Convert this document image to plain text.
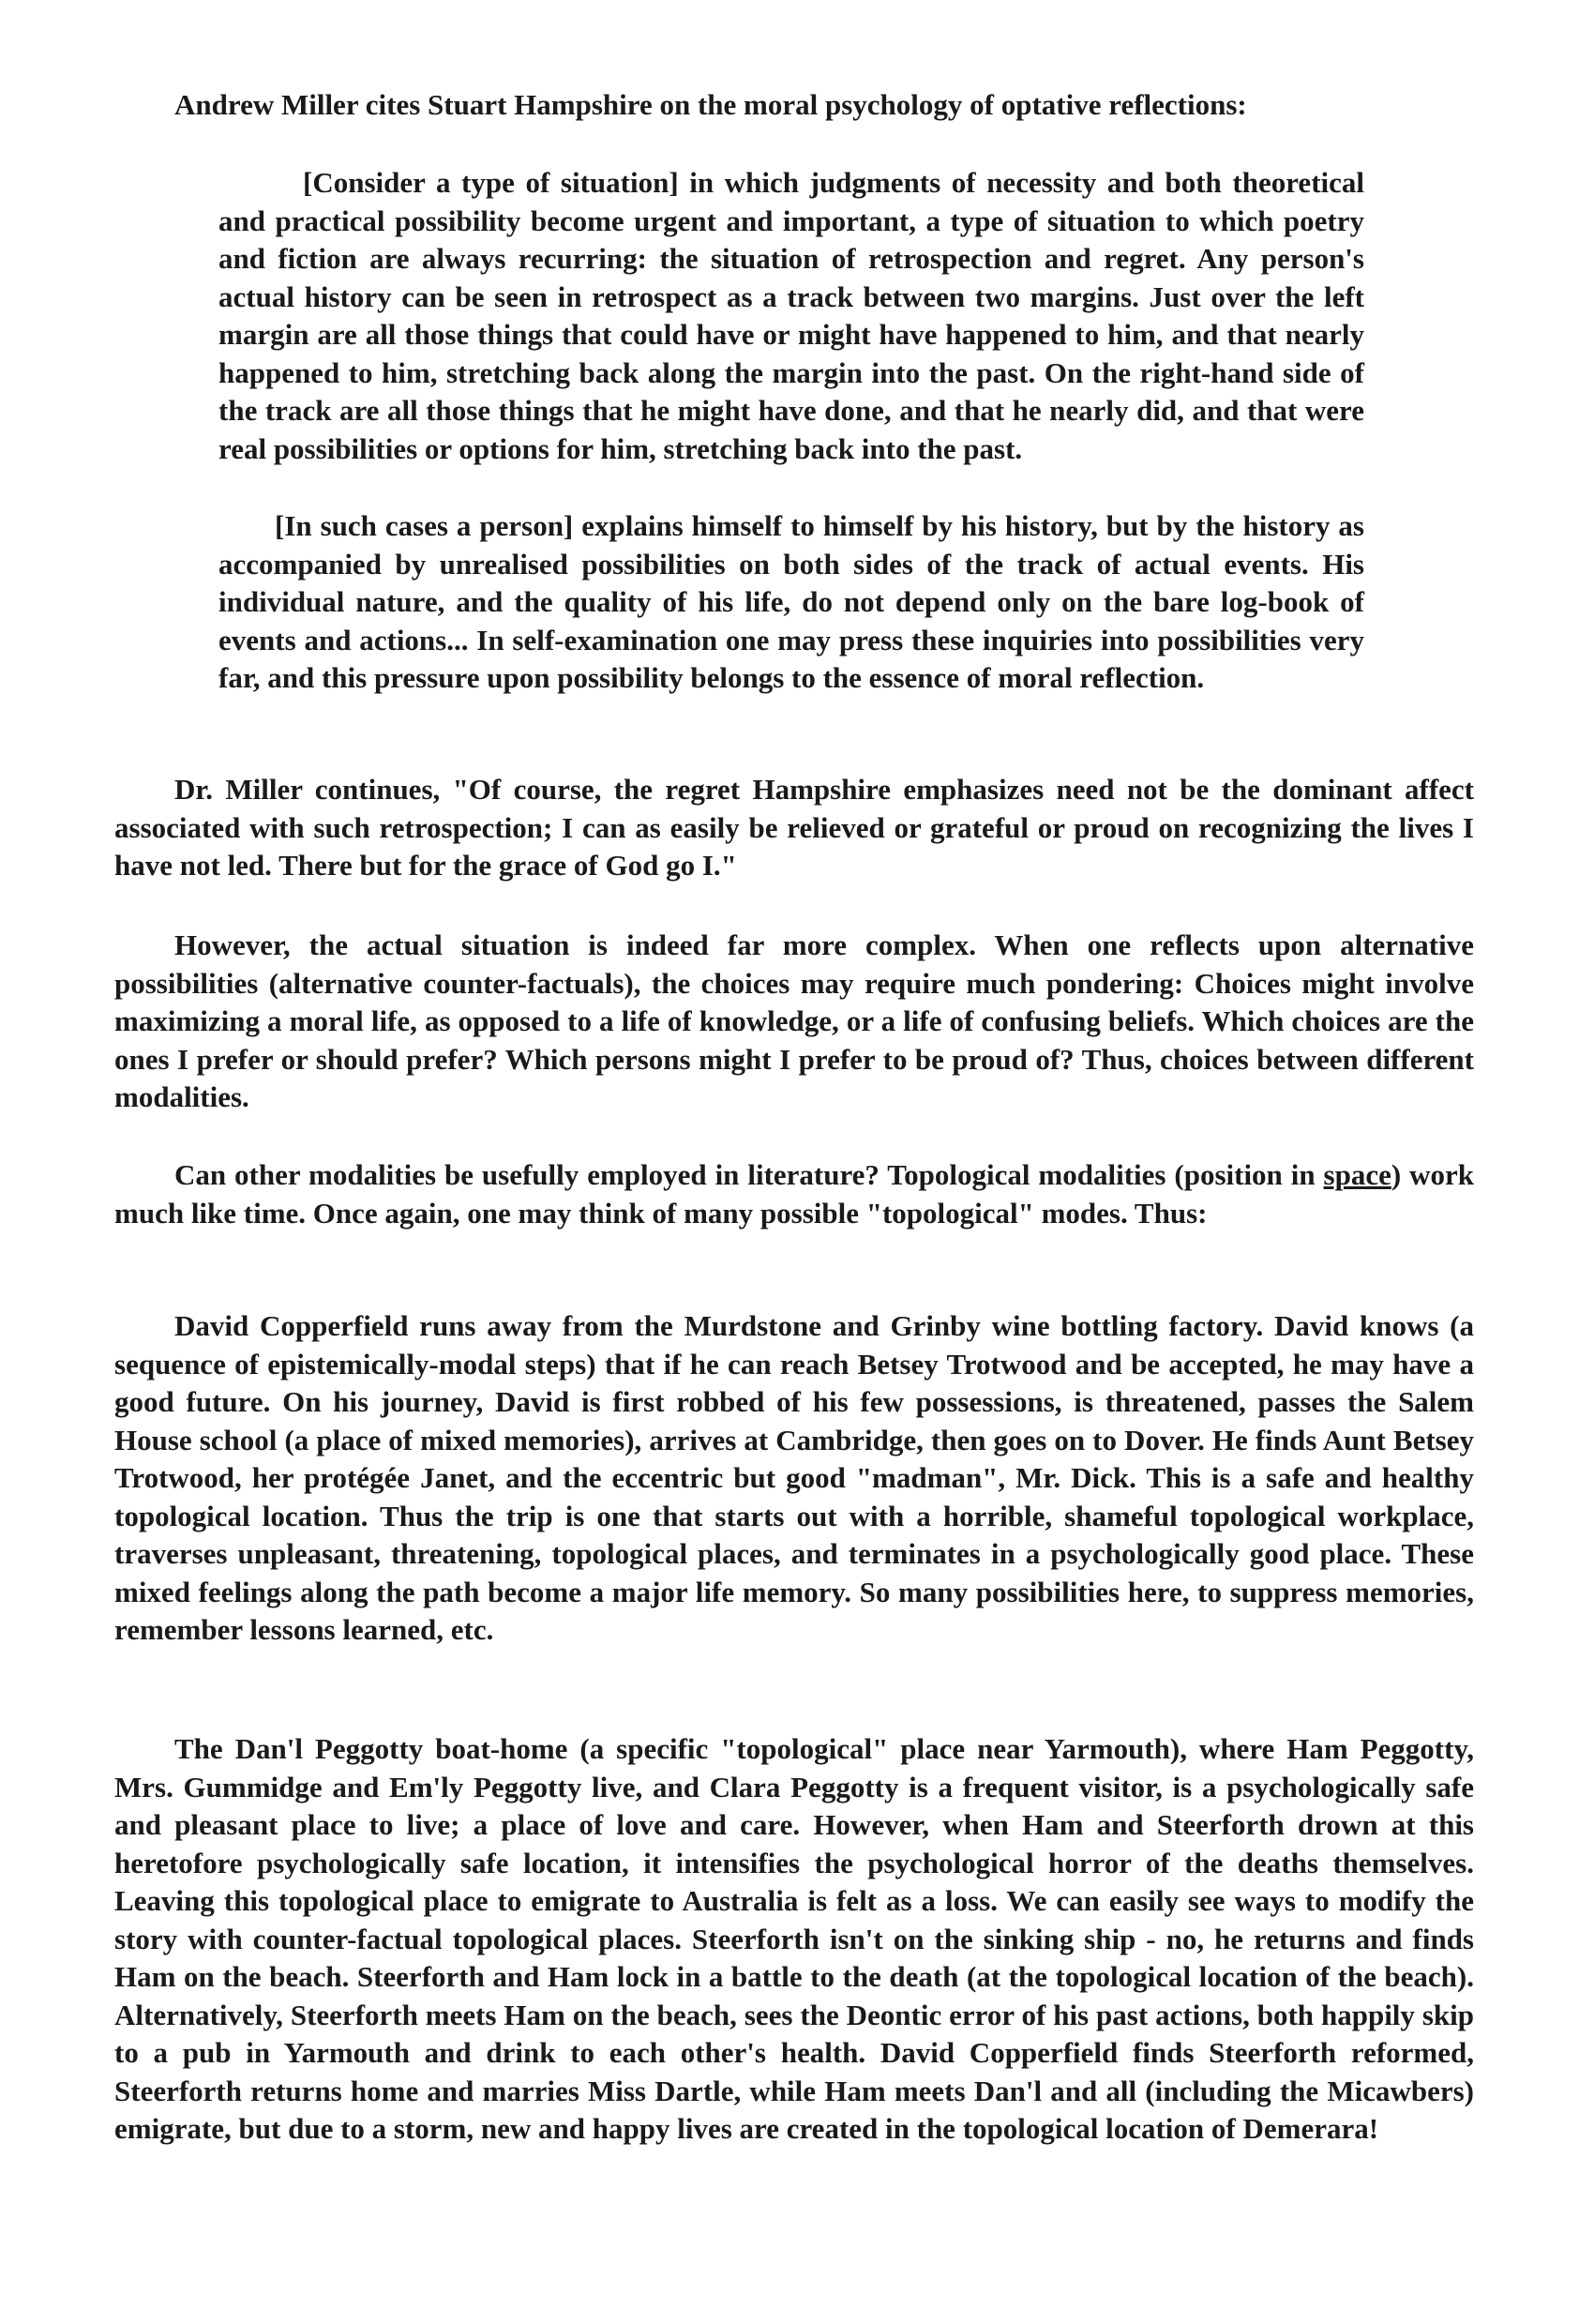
Andrew Miller cites Stuart Hampshire on the moral psychology of optative reflections:

[Consider a type of situation] in which judgments of necessity and both theoretical and practical possibility become urgent and important, a type of situation to which poetry and fiction are always recurring: the situation of retrospection and regret. Any person's actual history can be seen in retrospect as a track between two margins. Just over the left margin are all those things that could have or might have happened to him, and that nearly happened to him, stretching back along the margin into the past. On the right-hand side of the track are all those things that he might have done, and that he nearly did, and that were real possibilities or options for him, stretching back into the past.

[In such cases a person] explains himself to himself by his history, but by the history as accompanied by unrealised possibilities on both sides of the track of actual events. His individual nature, and the quality of his life, do not depend only on the bare log-book of events and actions... In self-examination one may press these inquiries into possibilities very far, and this pressure upon possibility belongs to the essence of moral reflection.

Dr. Miller continues, "Of course, the regret Hampshire emphasizes need not be the dominant affect associated with such retrospection; I can as easily be relieved or grateful or proud on recognizing the lives I have not led. There but for the grace of God go I."

However, the actual situation is indeed far more complex. When one reflects upon alternative possibilities (alternative counter-factuals), the choices may require much pondering: Choices might involve maximizing a moral life, as opposed to a life of knowledge, or a life of confusing beliefs. Which choices are the ones I prefer or should prefer? Which persons might I prefer to be proud of? Thus, choices between different modalities.

Can other modalities be usefully employed in literature? Topological modalities (position in space) work much like time. Once again, one may think of many possible "topological" modes. Thus:

David Copperfield runs away from the Murdstone and Grinby wine bottling factory. David knows (a sequence of epistemically-modal steps) that if he can reach Betsey Trotwood and be accepted, he may have a good future. On his journey, David is first robbed of his few possessions, is threatened, passes the Salem House school (a place of mixed memories), arrives at Cambridge, then goes on to Dover. He finds Aunt Betsey Trotwood, her protégée Janet, and the eccentric but good "madman", Mr. Dick. This is a safe and healthy topological location. Thus the trip is one that starts out with a horrible, shameful topological workplace, traverses unpleasant, threatening, topological places, and terminates in a psychologically good place. These mixed feelings along the path become a major life memory. So many possibilities here, to suppress memories, remember lessons learned, etc.

The Dan'l Peggotty boat-home (a specific "topological" place near Yarmouth), where Ham Peggotty, Mrs. Gummidge and Em'ly Peggotty live, and Clara Peggotty is a frequent visitor, is a psychologically safe and pleasant place to live; a place of love and care. However, when Ham and Steerforth drown at this heretofore psychologically safe location, it intensifies the psychological horror of the deaths themselves. Leaving this topological place to emigrate to Australia is felt as a loss. We can easily see ways to modify the story with counter-factual topological places. Steerforth isn't on the sinking ship - no, he returns and finds Ham on the beach. Steerforth and Ham lock in a battle to the death (at the topological location of the beach). Alternatively, Steerforth meets Ham on the beach, sees the Deontic error of his past actions, both happily skip to a pub in Yarmouth and drink to each other's health. David Copperfield finds Steerforth reformed, Steerforth returns home and marries Miss Dartle, while Ham meets Dan'l and all (including the Micawbers) emigrate, but due to a storm, new and happy lives are created in the topological location of Demerara!
